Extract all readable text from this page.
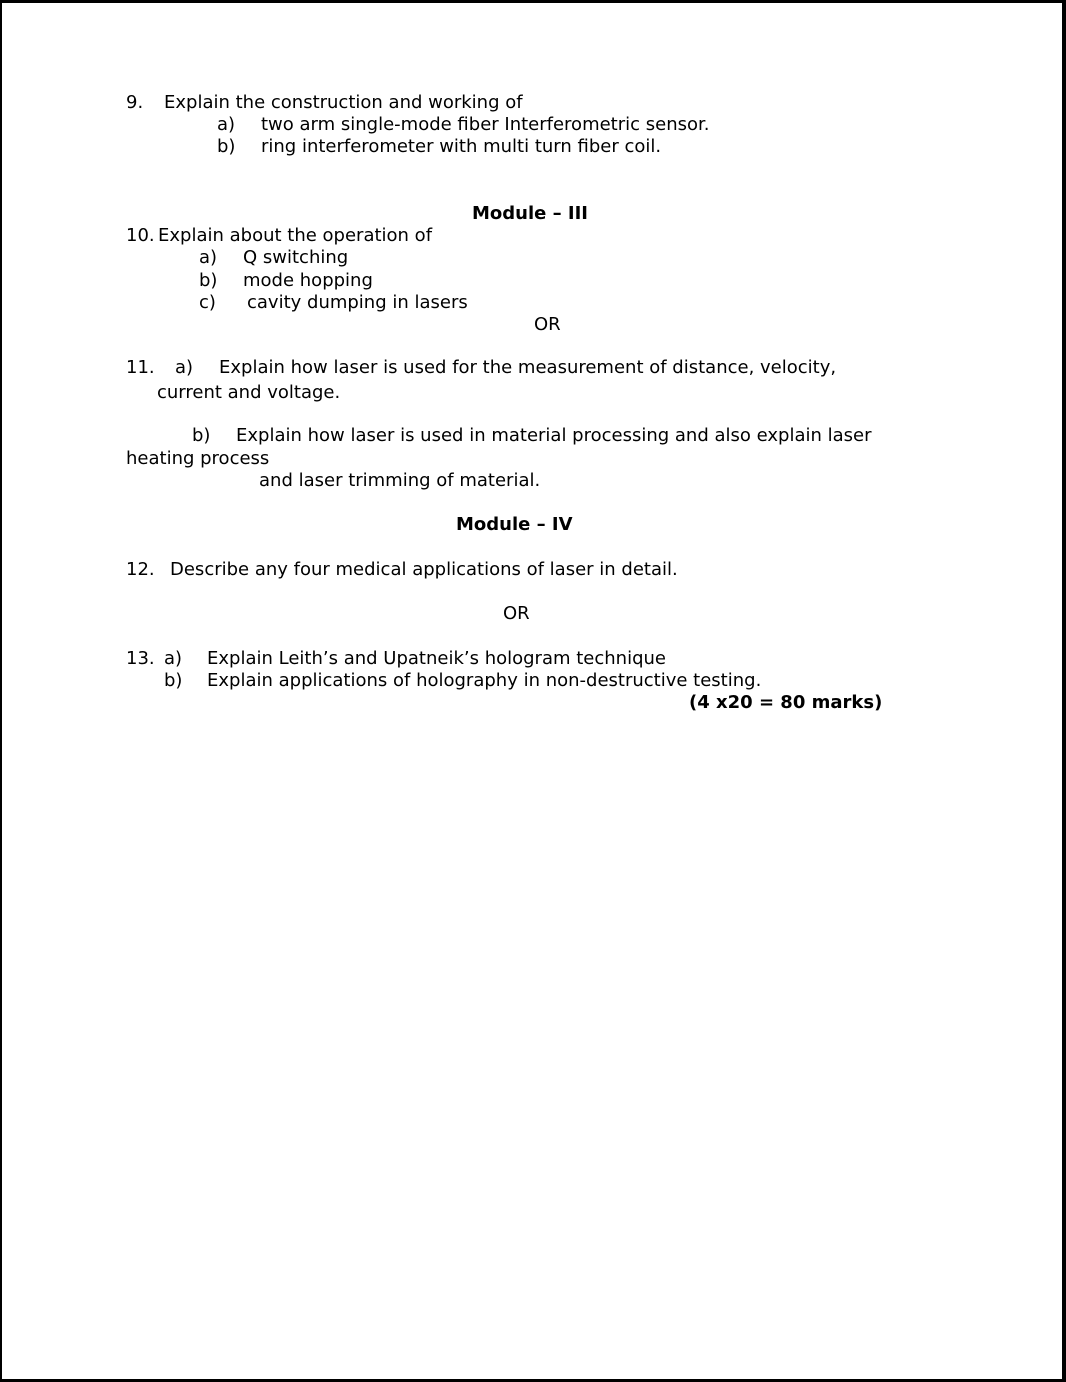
9. Explain the construction and working of
a) two arm single-mode fiber Interferometric sensor.
b) ring interferometer with multi turn fiber coil.
Module – III
10. Explain about the operation of
a) Q switching
b) mode hopping
c) cavity dumping in lasers
OR
11. a) Explain how laser is used for the measurement of distance, velocity,
current and voltage.
b) Explain how laser is used in material processing and also explain laser
heating process
and laser trimming of material.
Module – IV
12. Describe any four medical applications of laser in detail.
OR
13. a) Explain Leith’s and Upatneik’s hologram technique
b) Explain applications of holography in non-destructive testing.
(4 x20 = 80 marks)
